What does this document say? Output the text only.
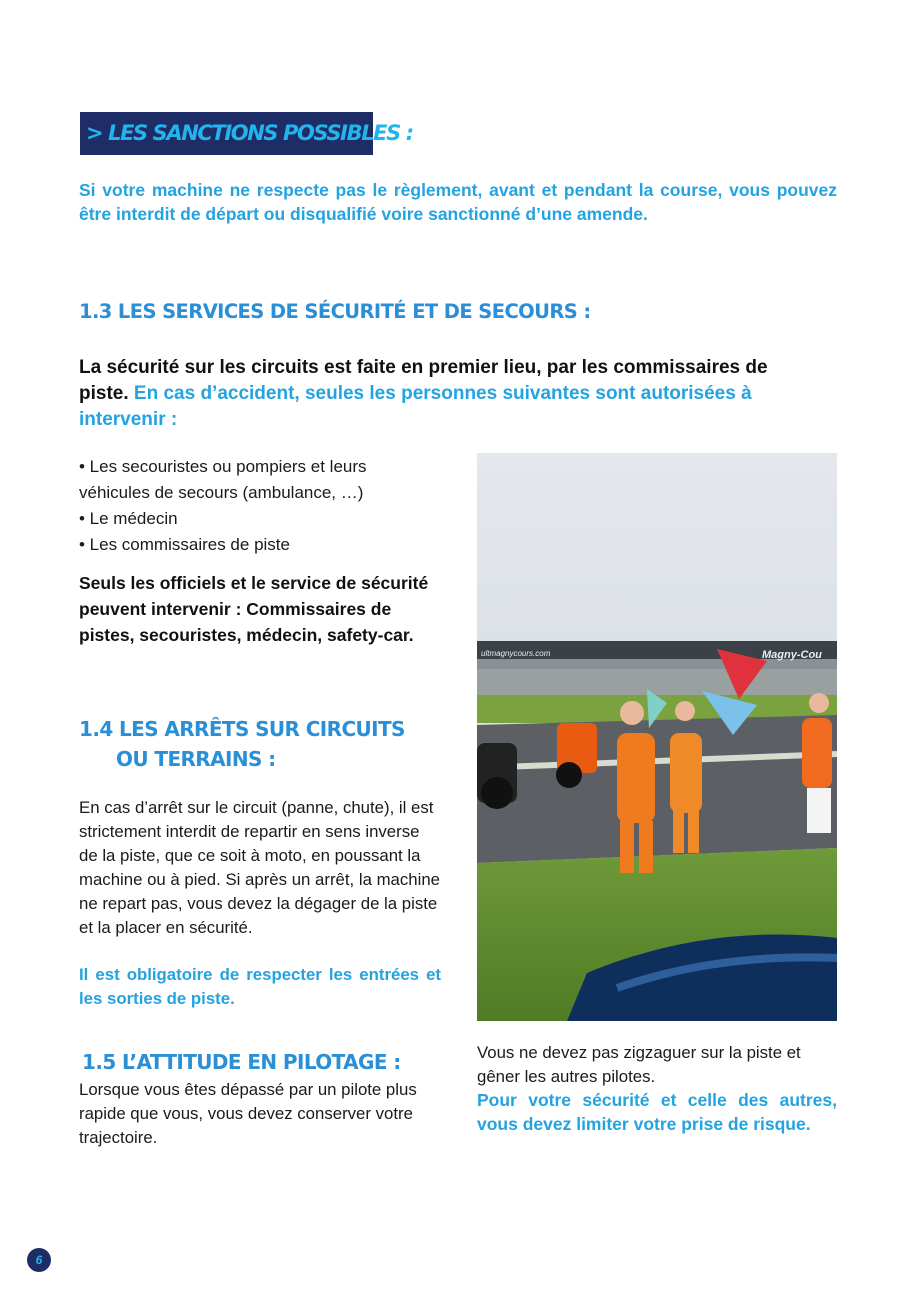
> LES SANCTIONS POSSIBLES :
Si votre machine ne respecte pas le règlement, avant et pendant la course, vous pouvez être interdit de départ ou disqualifié voire sanctionné d’une amende.
1.3 LES SERVICES DE SÉCURITÉ ET DE SECOURS :
La sécurité sur les circuits est faite en premier lieu, par les commissaires de piste. En cas d’accident, seules les personnes suivantes sont autorisées à intervenir :
• Les secouristes ou pompiers et leurs véhicules de secours (ambulance, …)
• Le médecin
• Les commissaires de piste
Seuls les officiels et le service de sécurité peuvent intervenir : Commissaires de pistes, secouristes, médecin, safety-car.
1.4 LES ARRÊTS SUR CIRCUITS
OU TERRAINS :
En cas d’arrêt sur le circuit (panne, chute), il est strictement interdit de repartir en sens inverse de la piste, que ce soit à moto, en poussant la machine ou à pied. Si après un arrêt, la machine ne repart pas, vous devez la dégager de la piste et la placer en sécurité.
Il est obligatoire de respecter les entrées et les sorties de piste.
1.5 L’ATTITUDE EN PILOTAGE :
Lorsque vous êtes dépassé par un pilote plus rapide que vous, vous devez conserver votre trajectoire.
ultmagnycours.com	Magny-Cou
Vous ne devez pas zigzaguer sur la piste et gêner les autres pilotes.
Pour votre sécurité et celle des autres, vous devez limiter votre prise de risque.
6
